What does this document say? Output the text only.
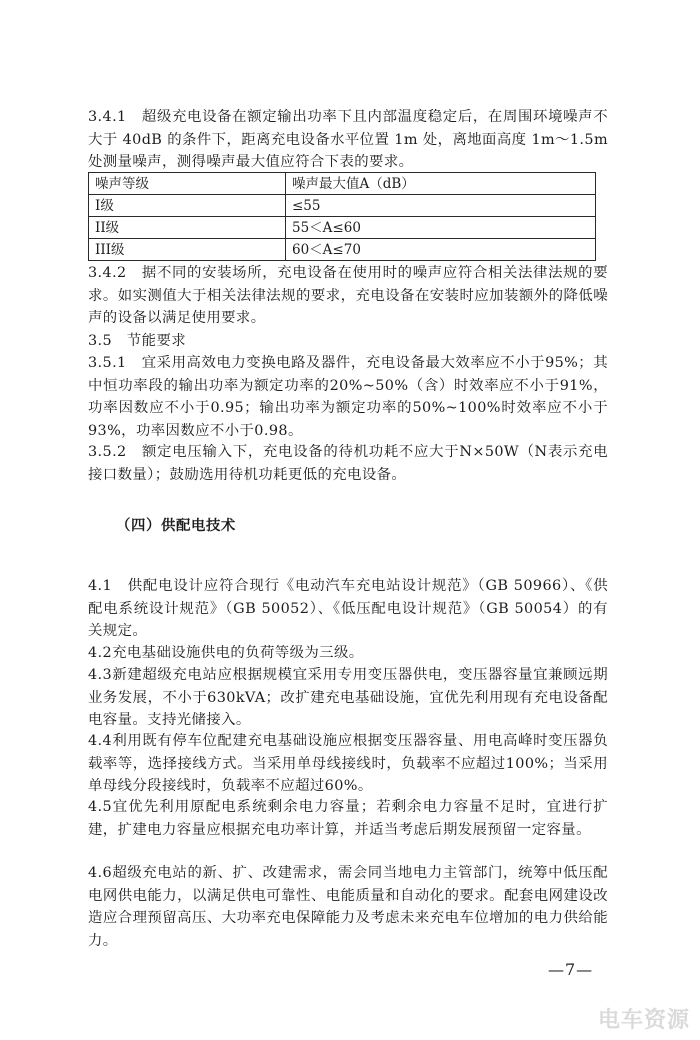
3.4.1　超级充电设备在额定输出功率下且内部温度稳定后，在周围环境噪声不大于 40dB 的条件下，距离充电设备水平位置 1m 处，离地面高度 1m～1.5m 处测量噪声，测得噪声最大值应符合下表的要求。

噪声等级	噪声最大值A（dB）
I级	≤55
II级	55＜A≤60
III级	60＜A≤70

3.4.2　据不同的安装场所，充电设备在使用时的噪声应符合相关法律法规的要求。如实测值大于相关法律法规的要求，充电设备在安装时应加装额外的降低噪声的设备以满足使用要求。

3.5　节能要求

3.5.1　宜采用高效电力变换电路及器件，充电设备最大效率应不小于95%；其中恒功率段的输出功率为额定功率的20%~50%（含）时效率应不小于91%，功率因数应不小于0.95；输出功率为额定功率的50%~100%时效率应不小于93%，功率因数应不小于0.98。

3.5.2　额定电压输入下，充电设备的待机功耗不应大于N×50W（N表示充电接口数量）；鼓励选用待机功耗更低的充电设备。

（四）供配电技术

4.1　供配电设计应符合现行《电动汽车充电站设计规范》（GB 50966）、《供配电系统设计规范》（GB 50052）、《低压配电设计规范》（GB 50054）的有关规定。

4.2充电基础设施供电的负荷等级为三级。

4.3新建超级充电站应根据规模宜采用专用变压器供电，变压器容量宜兼顾远期业务发展，不小于630kVA；改扩建充电基础设施，宜优先利用现有充电设备配电容量。支持光储接入。

4.4利用既有停车位配建充电基础设施应根据变压器容量、用电高峰时变压器负载率等，选择接线方式。当采用单母线接线时，负载率不应超过100%；当采用单母线分段接线时，负载率不应超过60%。

4.5宜优先利用原配电系统剩余电力容量；若剩余电力容量不足时，宜进行扩建，扩建电力容量应根据充电功率计算，并适当考虑后期发展预留一定容量。

4.6超级充电站的新、扩、改建需求，需会同当地电力主管部门，统筹中低压配电网供电能力，以满足供电可靠性、电能质量和自动化的要求。配套电网建设改造应合理预留高压、大功率充电保障能力及考虑未来充电车位增加的电力供给能力。

—7—
电车资源
